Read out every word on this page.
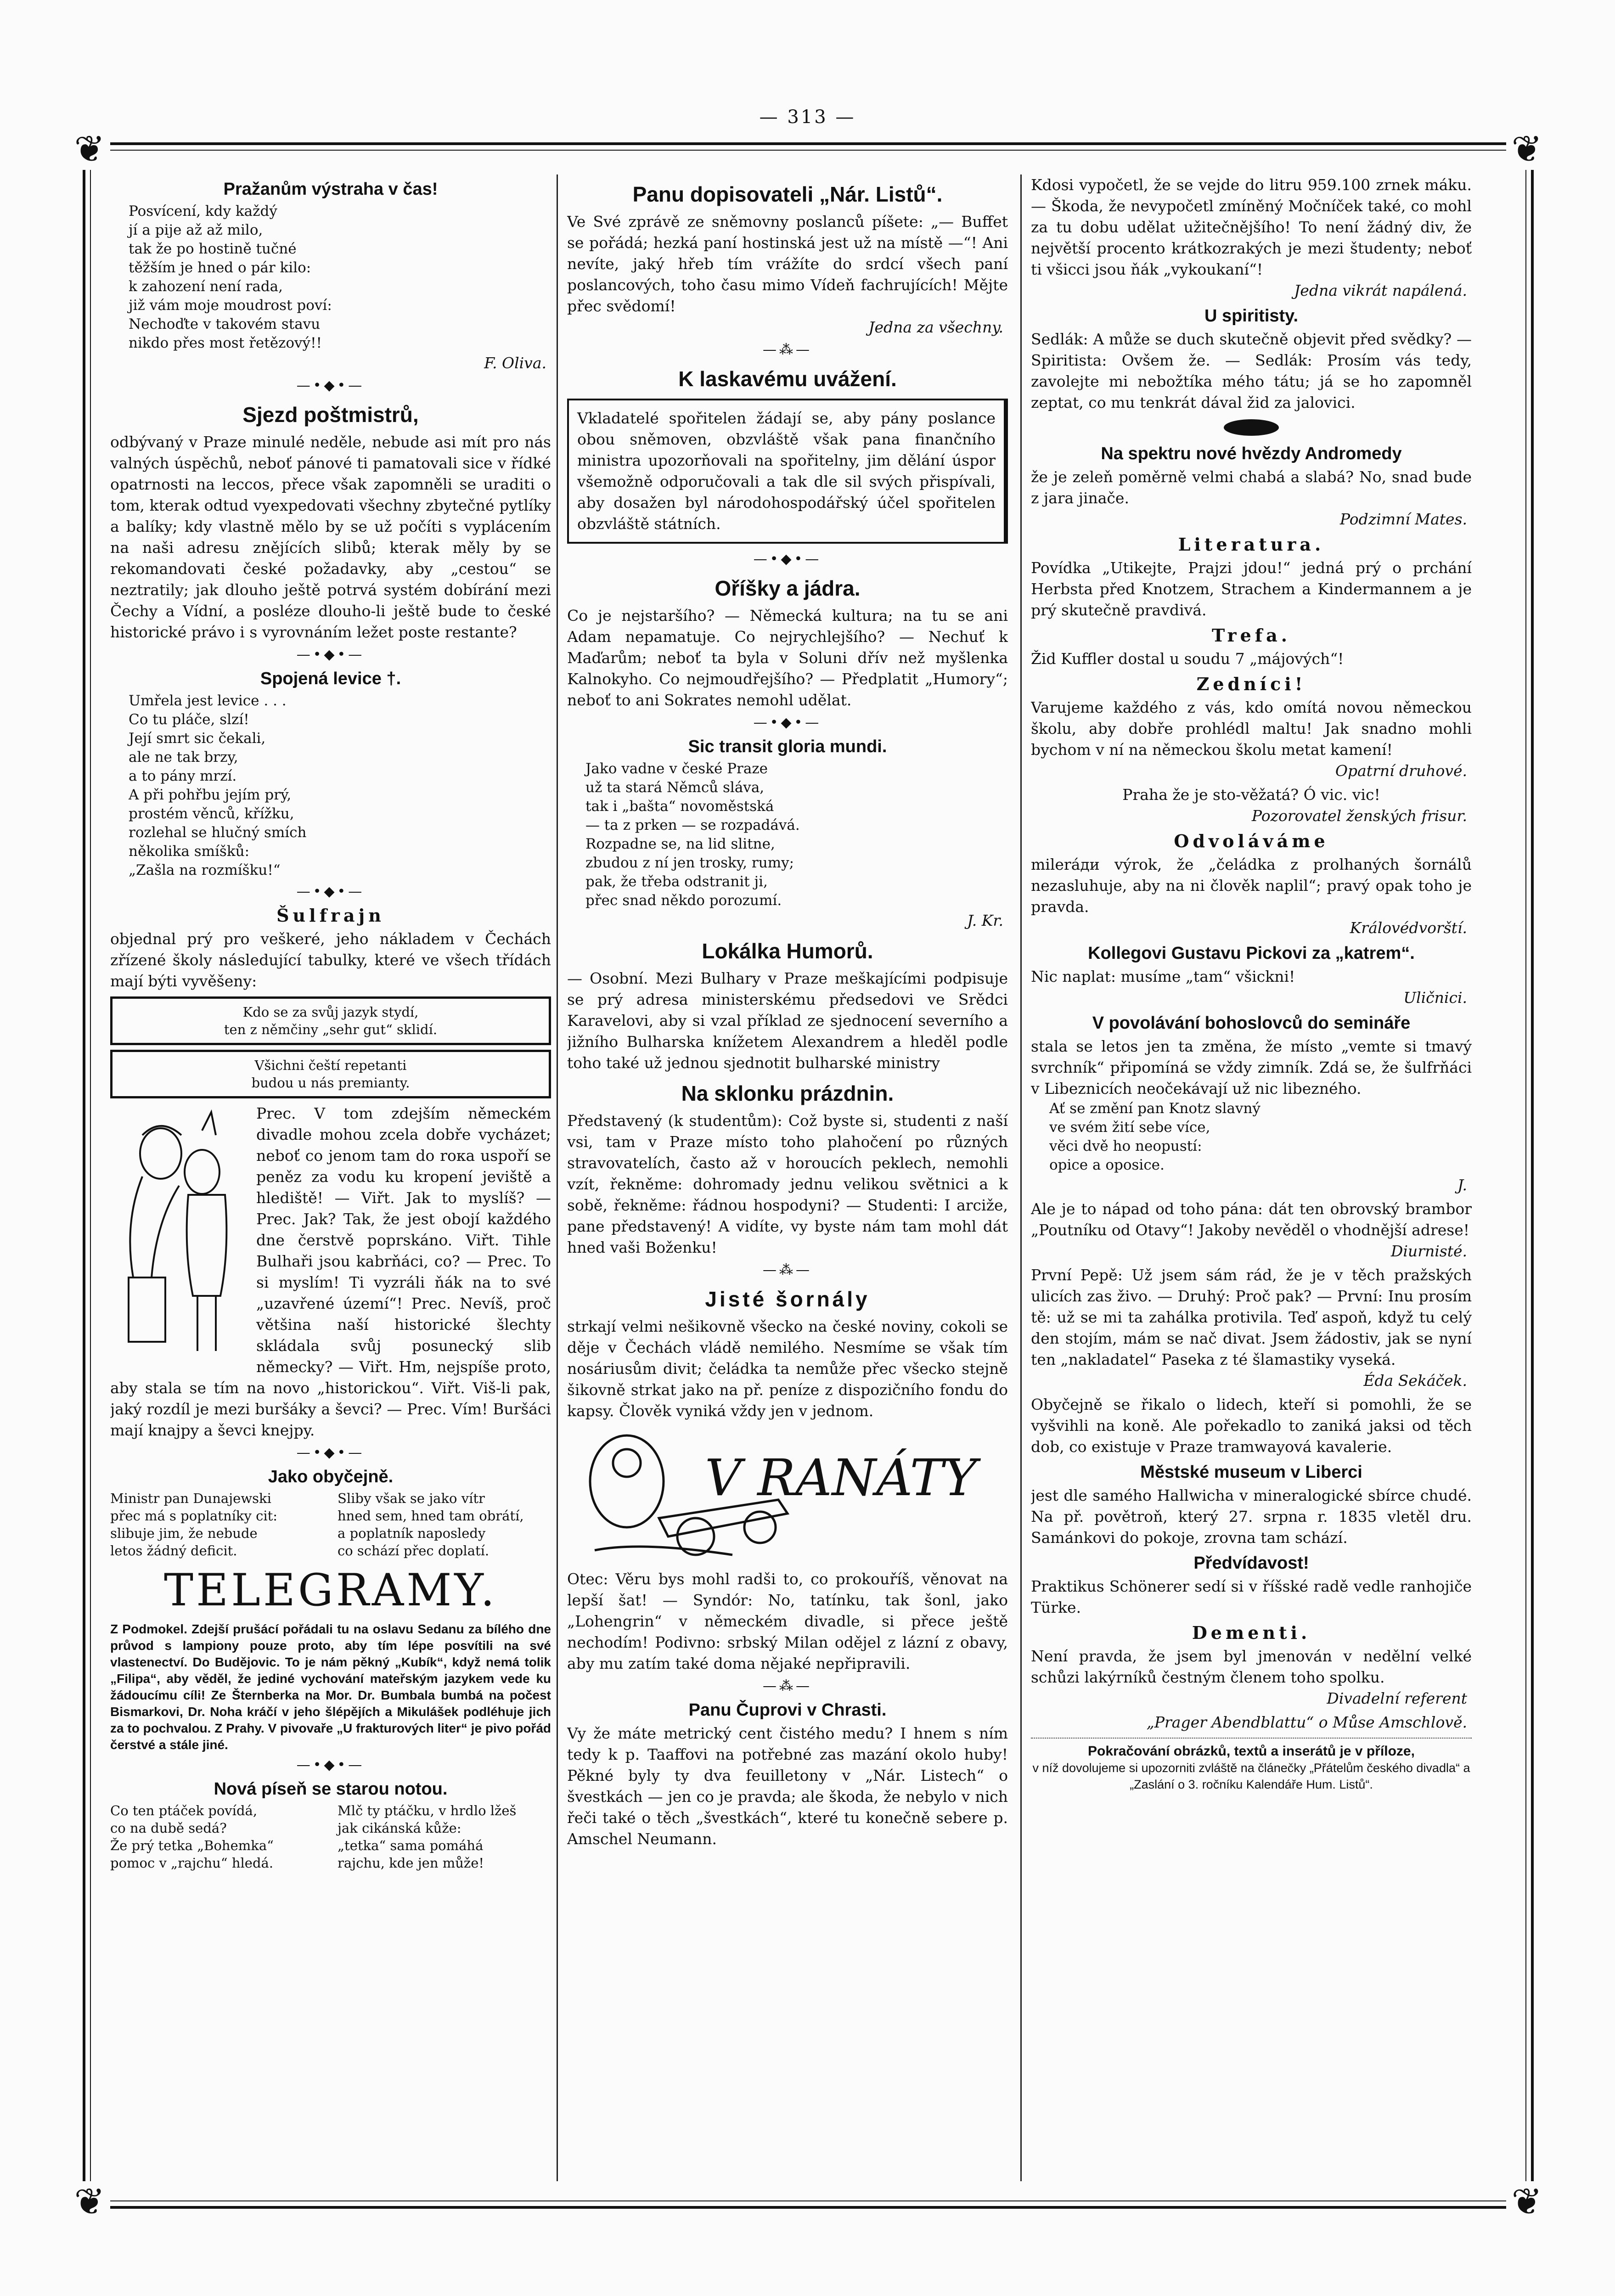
— 313 —
❦	❦
❦	❦
Pražanům výstraha v čas!
Posvícení, kdy každý
jí a pije až až milo,
tak že po hostině tučné
těžším je hned o pár kilo:
k zahození není rada,
již vám moje moudrost poví:
Nechoďte v takovém stavu
nikdo přes most řetězový!!
F. Oliva.
—•◆•—
Sjezd poštmistrů,

odbývaný v Praze minulé neděle, nebude asi mít pro nás valných úspěchů, neboť pánové ti pamatovali sice v řídké opatrnosti na leccos, přece však zapomněli se uraditi o tom, kterak odtud vyexpedovati všechny zbytečné pytlíky a balíky; kdy vlastně mělo by se už počíti s vyplácením na naši adresu znějících slibů; kterak měly by se rekomandovati české požadavky, aby „cestou“ se neztratily; jak dlouho ještě potrvá systém dobírání mezi Čechy a Vídní, a posléze dlouho-li ještě bude to české historické právo i s vyrovnáním ležet poste restante?

—•◆•—
Spojená levice †.
Umřela jest levice . . .
Co tu pláče, slzí!
Její smrt sic čekali,
ale ne tak brzy,
a to pány mrzí.
A při pohřbu jejím prý,
prostém věnců, křížku,
rozlehal se hlučný smích
několika smíšků:
„Zašla na rozmíšku!“
—•◆•—
Šulfrajn

objednal prý pro veškeré, jeho nákladem v Čechách zřízené školy následující tabulky, které ve všech třídách mají býti vyvěšeny:

Kdo se za svůj jazyk stydí,
ten z němčiny „sehr gut“ sklidí.
Všichni čeští repetanti
budou u nás premianty.

Prec. V tom zdejším německém divadle mohou zcela dobře vycházet; neboť co jenom tam do rока uspoří se peněz za vodu ku kropení jeviště a hlediště! — Viřt. Jak to myslíš? — Prec. Jak? Tak, že jest obojí každého dne čerstvě poprskáno. Viřt. Tihle Bulhaři jsou kabrňáci, co? — Prec. To si myslím! Ti vyzráli ňák na to své „uzavřené území“! Prec. Nevíš, proč většina naší historické šlechty skládala svůj posunecký slib německy? — Viřt. Hm, nejspíše proto, aby stala se tím na novo „historickou“. Viřt. Viš-li pak, jaký rozdíl je mezi buršáky a ševci? — Prec. Vím! Buršáci mají knajpy a ševci knejpy.

—•◆•—
Jako obyčejně.
Ministr pan Dunajewski
přec má s poplatníky cit:
slibuje jim, že nebude
letos žádný deficit.
Sliby však se jako vítr
hned sem, hned tam obrátí,
a poplatník naposledy
co schází přec doplatí.
TELEGRAMY.

Z Podmokel. Zdejší prušácí pořádali tu na oslavu Sedanu za bílého dne průvod s lampiony pouze proto, aby tím lépe posvítili na své vlastenectví. Do Budějovic. To je nám pěkný „Kubík“, když nemá tolik „Filipa“, aby věděl, že jediné vychování mateřským jazykem vede ku žádoucímu cíli! Ze Šternberka na Mor. Dr. Bumbala bumbá na počest Bismarkovi, Dr. Noha kráčí v jeho šlépějích a Mikulášek podléhuje jich za to pochvalou. Z Prahy. V pivovaře „U frakturových liter“ je pivo pořád čerstvé a stále jiné.

—•◆•—
Nová píseň se starou notou.
Co ten ptáček povídá,
co na dubě sedá?
Že prý tetka „Bohemka“
pomoc v „rajchu“ hledá.
Mlč ty ptáčku, v hrdlo lžeš
jak cikánská kůže:
„tetka“ sama pomáhá
rajchu, kde jen může!
Panu dopisovateli „Nár. Listů“.

Ve Své zprávě ze sněmovny poslanců píšete: „— Buffet se pořádá; hezká paní hostinská jest už na místě —“! Ani nevíte, jaký hřeb tím vrážíte do srdcí všech paní poslancových, toho času mimo Vídeň fachrujících! Mějte přec svědomí!

Jedna za všechny.
—⁂—
K laskavému uvážení.

Vkladatelé spořitelen žádají se, aby pány poslance obou sněmoven, obzvláště však pana finančního ministra upozorňovali na spořitelny, jim dělání úspor všemožně odporučovali a tak dle sil svých přispívali, aby dosažen byl národohospodářský účel spořitelen obzvláště státních.

—•◆•—
Oříšky a jádra.

Co je nejstaršího? — Německá kultura; na tu se ani Adam nepamatuje. Co nejrychlejšího? — Nechuť k Maďarům; neboť ta byla v Soluni dřív než myšlenka Kalnokyho. Co nejmoudřejšího? — Předplatit „Humory“; neboť to ani Sokrates nemohl udělat.

—•◆•—
Sic transit gloria mundi.
Jako vadne v české Praze
už ta stará Němců sláva,
tak i „bašta“ novoměstská
— ta z prken — se rozpadává.
Rozpadne se, na lid slitne,
zbudou z ní jen trosky, rumy;
pak, že třeba odstranit ji,
přec snad někdo porozumí.
J. Kr.
Lokálka Humorů.

— Osobní. Mezi Bulhary v Praze meškajícími podpisuje se prý adresa ministerskému předsedovi ve Srědci Karavelovi, aby si vzal příklad ze sjednocení severního a jižního Bulharska knížetem Alexandrem a hleděl podle toho také už jednou sjednotit bulharské ministry

Na sklonku prázdnin.

Představený (k studentům): Což byste si, studenti z naší vsi, tam v Praze místo toho plahočení po různých stravovatelích, často až v horoucích peklech, nemohli vzít, řekněme: dohromady jednu velikou světnici a k sobě, řekněme: řádnou hospodyni? — Studenti: I arciže, pane představený! A vidíte, vy byste nám tam mohl dát hned vaši Boženku!

—⁂—
Jisté šornály

strkají velmi nešikovně všecko na české noviny, cokoli se děje v Čechách vládě nemilého. Nesmíme se však tím nosáriusům divit; čeládka ta nemůže přec všecko stejně šikovně strkat jako na př. peníze z dispozičního fondu do kapsy. Člověk vyniká vždy jen v jednom.

V RANÁTY

Otec: Věru bys mohl radši to, co prokouříš, věnovat na lepší šat! — Syndór: No, tatínku, tak šonl, jako „Lohengrin“ v německém divadle, si přece ještě nechodím! Podivno: srbský Milan odějel z lázní z obavy, aby mu zatím také doma nějaké nepřipravili.

—⁂—
Panu Čuprovi v Chrasti.

Vy že máte metrický cent čistého medu? I hnem s ním tedy k p. Taaffovi na potřebné zas mazání okolo huby! Pěkné byly ty dva feuilletony v „Nár. Listech“ o švestkách — jen co je pravda; ale škoda, že nebylo v nich řeči také o těch „švestkách“, které tu konečně sebere p. Amschel Neumann.

Kdosi vypočetl, že se vejde do litru 959.100 zrnek máku. — Škoda, že nevypočetl zmíněný Močníček také, co mohl za tu dobu udělat užitečnějšího! To není žádný div, že největší procento krátkozrakých je mezi študenty; neboť ti všicci jsou ňák „vykoukaní“!

Jedna vikrát napálená.
U spiritisty.

Sedlák: A může se duch skutečně objevit před svědky? — Spiritista: Ovšem že. — Sedlák: Prosím vás tedy, zavolejte mi nebožtíka mého tátu; já se ho zapomněl zeptat, co mu tenkrát dával žid za jalovici.

Na spektru nové hvězdy Andromedy

že je zeleň poměrně velmi chabá a slabá? No, snad bude z jara jinače.

Podzimní Mates.
Literatura.

Povídka „Utikejte, Prajzi jdou!“ jedná prý o prchání Herbsta před Knotzem, Strachem a Kindermannem a je prý skutečně pravdivá.

Trefa.

Žid Kuffler dostal u soudu 7 „májových“!

Zedníci!

Varujeme každého z vás, kdo omítá novou německou školu, aby dobře prohlédl maltu! Jak snadno mohli bychom v ní na německou školu metat kamení!

Opatrní druhové.

Praha že je sto-věžatá? Ó vic. vic!

Pozorovatel ženských frisur.
Odvoláváme

mileráди výrok, že „čeládka z prolhaných šornálů nezasluhuje, aby na ni člověk naplil“; pravý opak toho je pravda.

Královédvorští.
Kollegovi Gustavu Pickovi za „katrem“.

Nic naplat: musíme „tam“ všickni!

Uličnici.
V povolávání bohoslovců do semináře

stala se letos jen ta změna, že místo „vemte si tmavý svrchník“ připomíná se vždy zimník. Zdá se, že šulfrňáci v Libeznicích neočekávají už nic libezného.

Ať se změní pan Knotz slavný
ve svém žití sebe více,
věci dvě ho neopustí:
opice a oposice.
J.

Ale je to nápad od toho pána: dát ten obrovský brambor „Poutníku od Otavy“! Jakoby nevěděl o vhodnější adrese!

Diurnisté.

První Pepě: Už jsem sám rád, že je v těch pražských ulicích zas živo. — Druhý: Proč pak? — První: Inu prosím tě: už se mi ta zahálka protivila. Teď aspoň, když tu celý den stojím, mám se nač divat. Jsem žádostiv, jak se nyní ten „nakladatel“ Paseka z té šlamastiky vyseká.

Éda Sekáček.

Obyčejně se řikalo o lidech, kteří si pomohli, že se vyšvihli na koně. Ale pořekadlo to zaniká jaksi od těch dob, co existuje v Praze tramwayová kavalerie.

Městské museum v Liberci

jest dle samého Hallwichа v mineralogické sbírce chudé. Na př. povětroň, který 27. srpna r. 1835 vletěl dru. Samánkovi do pokoje, zrovna tam schází.

Předvídavost!

Praktikus Schönerer sedí si v říšské radě vedle ranhojiče Türke.

Dementi.

Není pravda, že jsem byl jmenován v nedělní velké schůzi lakýrníků čestným členem toho spolku.

Divadelní referent
„Prager Abendblattu“ o Můse Amschlově.
Pokračování obrázků, textů a inserátů je v příloze,
v níž dovolujeme si upozorniti zvláště na článečky „Přátelům českého divadla“ a „Zaslání o 3. ročníku Kalendáře Hum. Listů“.
